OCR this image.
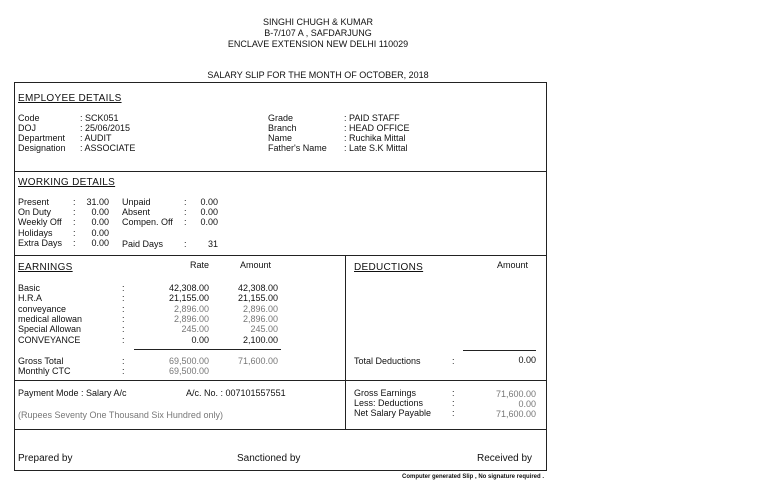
SINGHI CHUGH & KUMAR
B-7/107 A , SAFDARJUNG
ENCLAVE EXTENSION NEW DELHI 110029
SALARY SLIP FOR THE MONTH OF OCTOBER, 2018
EMPLOYEE DETAILS
Code	: SCK051
DOJ	: 25/06/2015
Department : AUDIT
Designation : ASSOCIATE
Grade	: PAID STAFF
Branch	: HEAD OFFICE
Name	: Ruchika Mittal
Father's Name : Late S.K Mittal
WORKING DETAILS
Present	:	31.00
On Duty :	0.00
Weekly Off :	0.00
Holidays :	0.00
Extra Days :	0.00
Unpaid	:	0.00
Absent	:	0.00
Compen. Off :	0.00
Paid Days :	31
EARNINGS	Rate	Amount
Basic	:	42,308.00	42,308.00
H.R.A	:	21,155.00	21,155.00
conveyance	:	2,896.00	2,896.00
medical allowan	:	2,896.00	2,896.00
Special Allowan	:	245.00	245.00
CONVEYANCE	:	0.00	2,100.00
Gross Total	:	69,500.00	71,600.00
Monthly CTC	:	69,500.00
DEDUCTIONS	Amount
Total Deductions	:	0.00
Payment Mode : Salary A/c	A/c. No. : 007101557551
(Rupees Seventy One Thousand Six Hundred only)
Gross Earnings	:	71,600.00
Less: Deductions	:	0.00
Net Salary Payable :	71,600.00
Prepared by	Sanctioned by	Received by
Computer generated Slip , No signature required .
